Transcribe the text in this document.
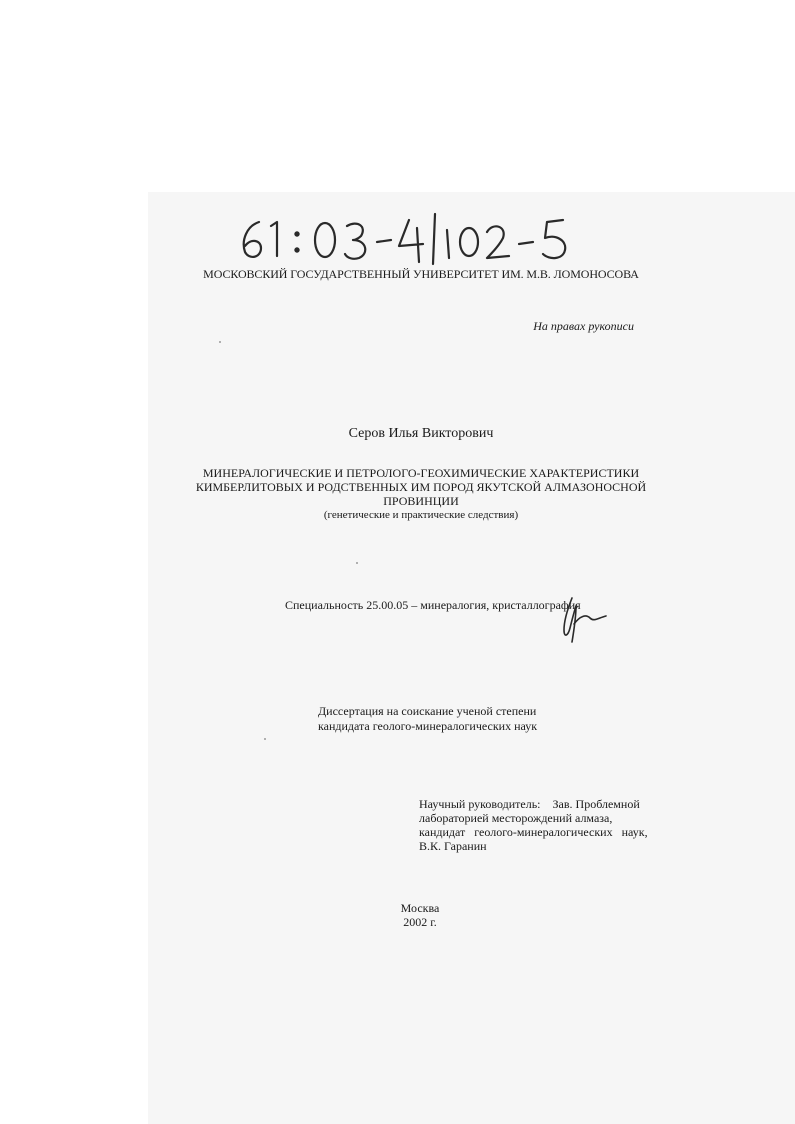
МОСКОВСКИЙ ГОСУДАРСТВЕННЫЙ УНИВЕРСИТЕТ ИМ. М.В. ЛОМОНОСОВА
На правах рукописи
Серов Илья Викторович
МИНЕРАЛОГИЧЕСКИЕ И ПЕТРОЛОГО-ГЕОХИМИЧЕСКИЕ ХАРАКТЕРИСТИКИ
КИМБЕРЛИТОВЫХ И РОДСТВЕННЫХ ИМ ПОРОД ЯКУТСКОЙ АЛМАЗОНОСНОЙ
ПРОВИНЦИИ
(генетические и практические следствия)
Специальность 25.00.05 – минералогия, кристаллография
Диссертация на соискание ученой степени
кандидата геолого-минералогических наук
Научный руководитель:    Зав. Проблемной
лабораторией месторождений алмаза,
кандидат   геолого-минералогических   наук,
В.К. Гаранин
Москва
2002 г.
